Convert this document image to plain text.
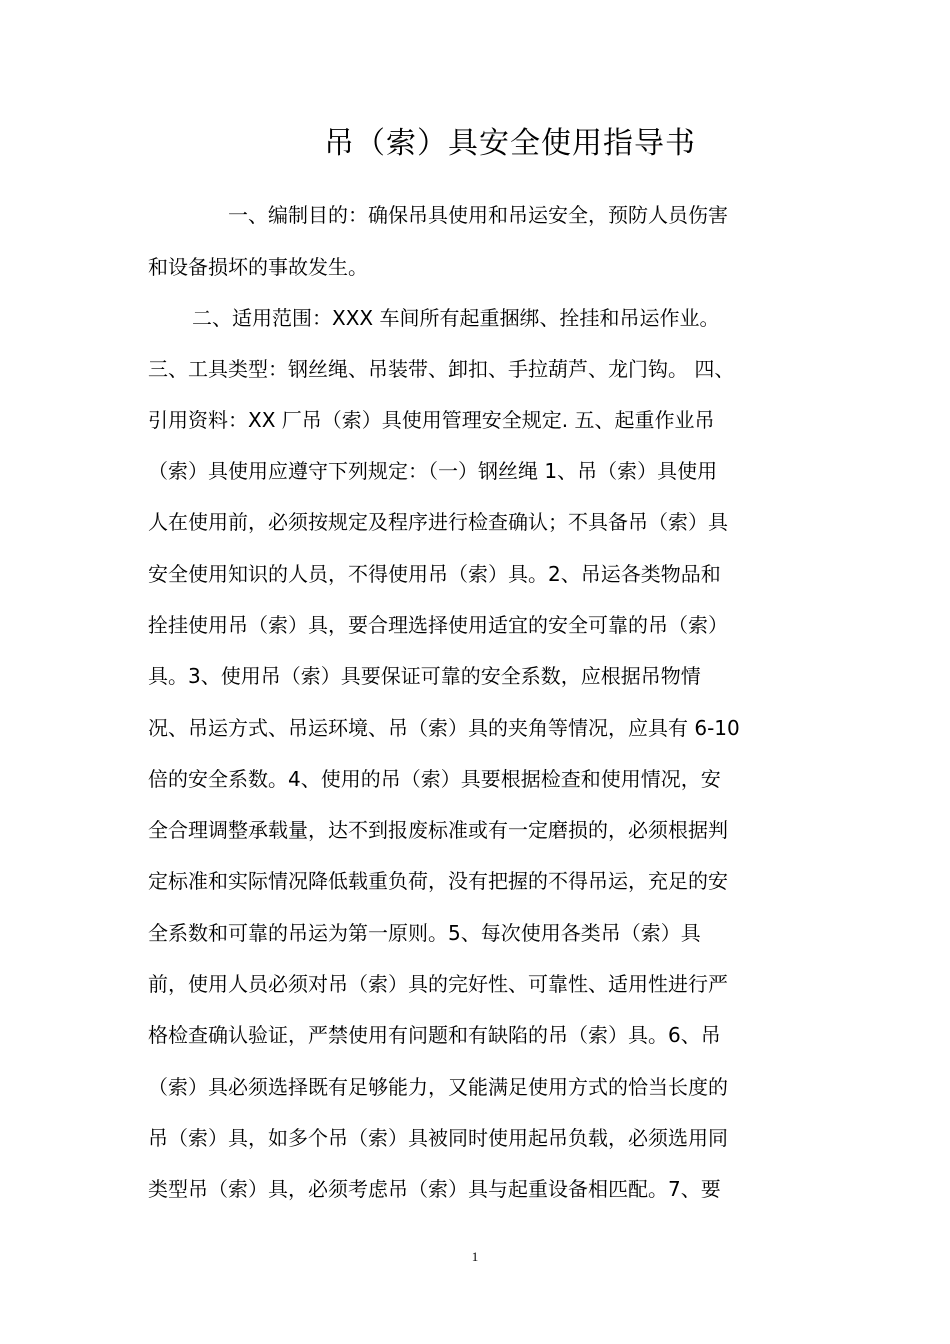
吊（索）具安全使用指导书
一、编制目的：确保吊具使用和吊运安全，预防人员伤害
和设备损坏的事故发生。
二、适用范围：XXX 车间所有起重捆绑、拴挂和吊运作业。
三、工具类型：钢丝绳、吊装带、卸扣、手拉葫芦、龙门钩。 四、
引用资料：XX 厂吊（索）具使用管理安全规定. 五、起重作业吊
（索）具使用应遵守下列规定：（一）钢丝绳 1、吊（索）具使用
人在使用前，必须按规定及程序进行检查确认；不具备吊（索）具
安全使用知识的人员，不得使用吊（索）具。2、吊运各类物品和
拴挂使用吊（索）具，要合理选择使用适宜的安全可靠的吊（索）
具。3、使用吊（索）具要保证可靠的安全系数，应根据吊物情
况、吊运方式、吊运环境、吊（索）具的夹角等情况，应具有 6-10
倍的安全系数。4、使用的吊（索）具要根据检查和使用情况，安
全合理调整承载量，达不到报废标准或有一定磨损的，必须根据判
定标准和实际情况降低载重负荷，没有把握的不得吊运，充足的安
全系数和可靠的吊运为第一原则。5、每次使用各类吊（索）具
前，使用人员必须对吊（索）具的完好性、可靠性、适用性进行严
格检查确认验证，严禁使用有问题和有缺陷的吊（索）具。6、吊
（索）具必须选择既有足够能力，又能满足使用方式的恰当长度的
吊（索）具，如多个吊（索）具被同时使用起吊负载，必须选用同
类型吊（索）具，必须考虑吊（索）具与起重设备相匹配。7、要
1
